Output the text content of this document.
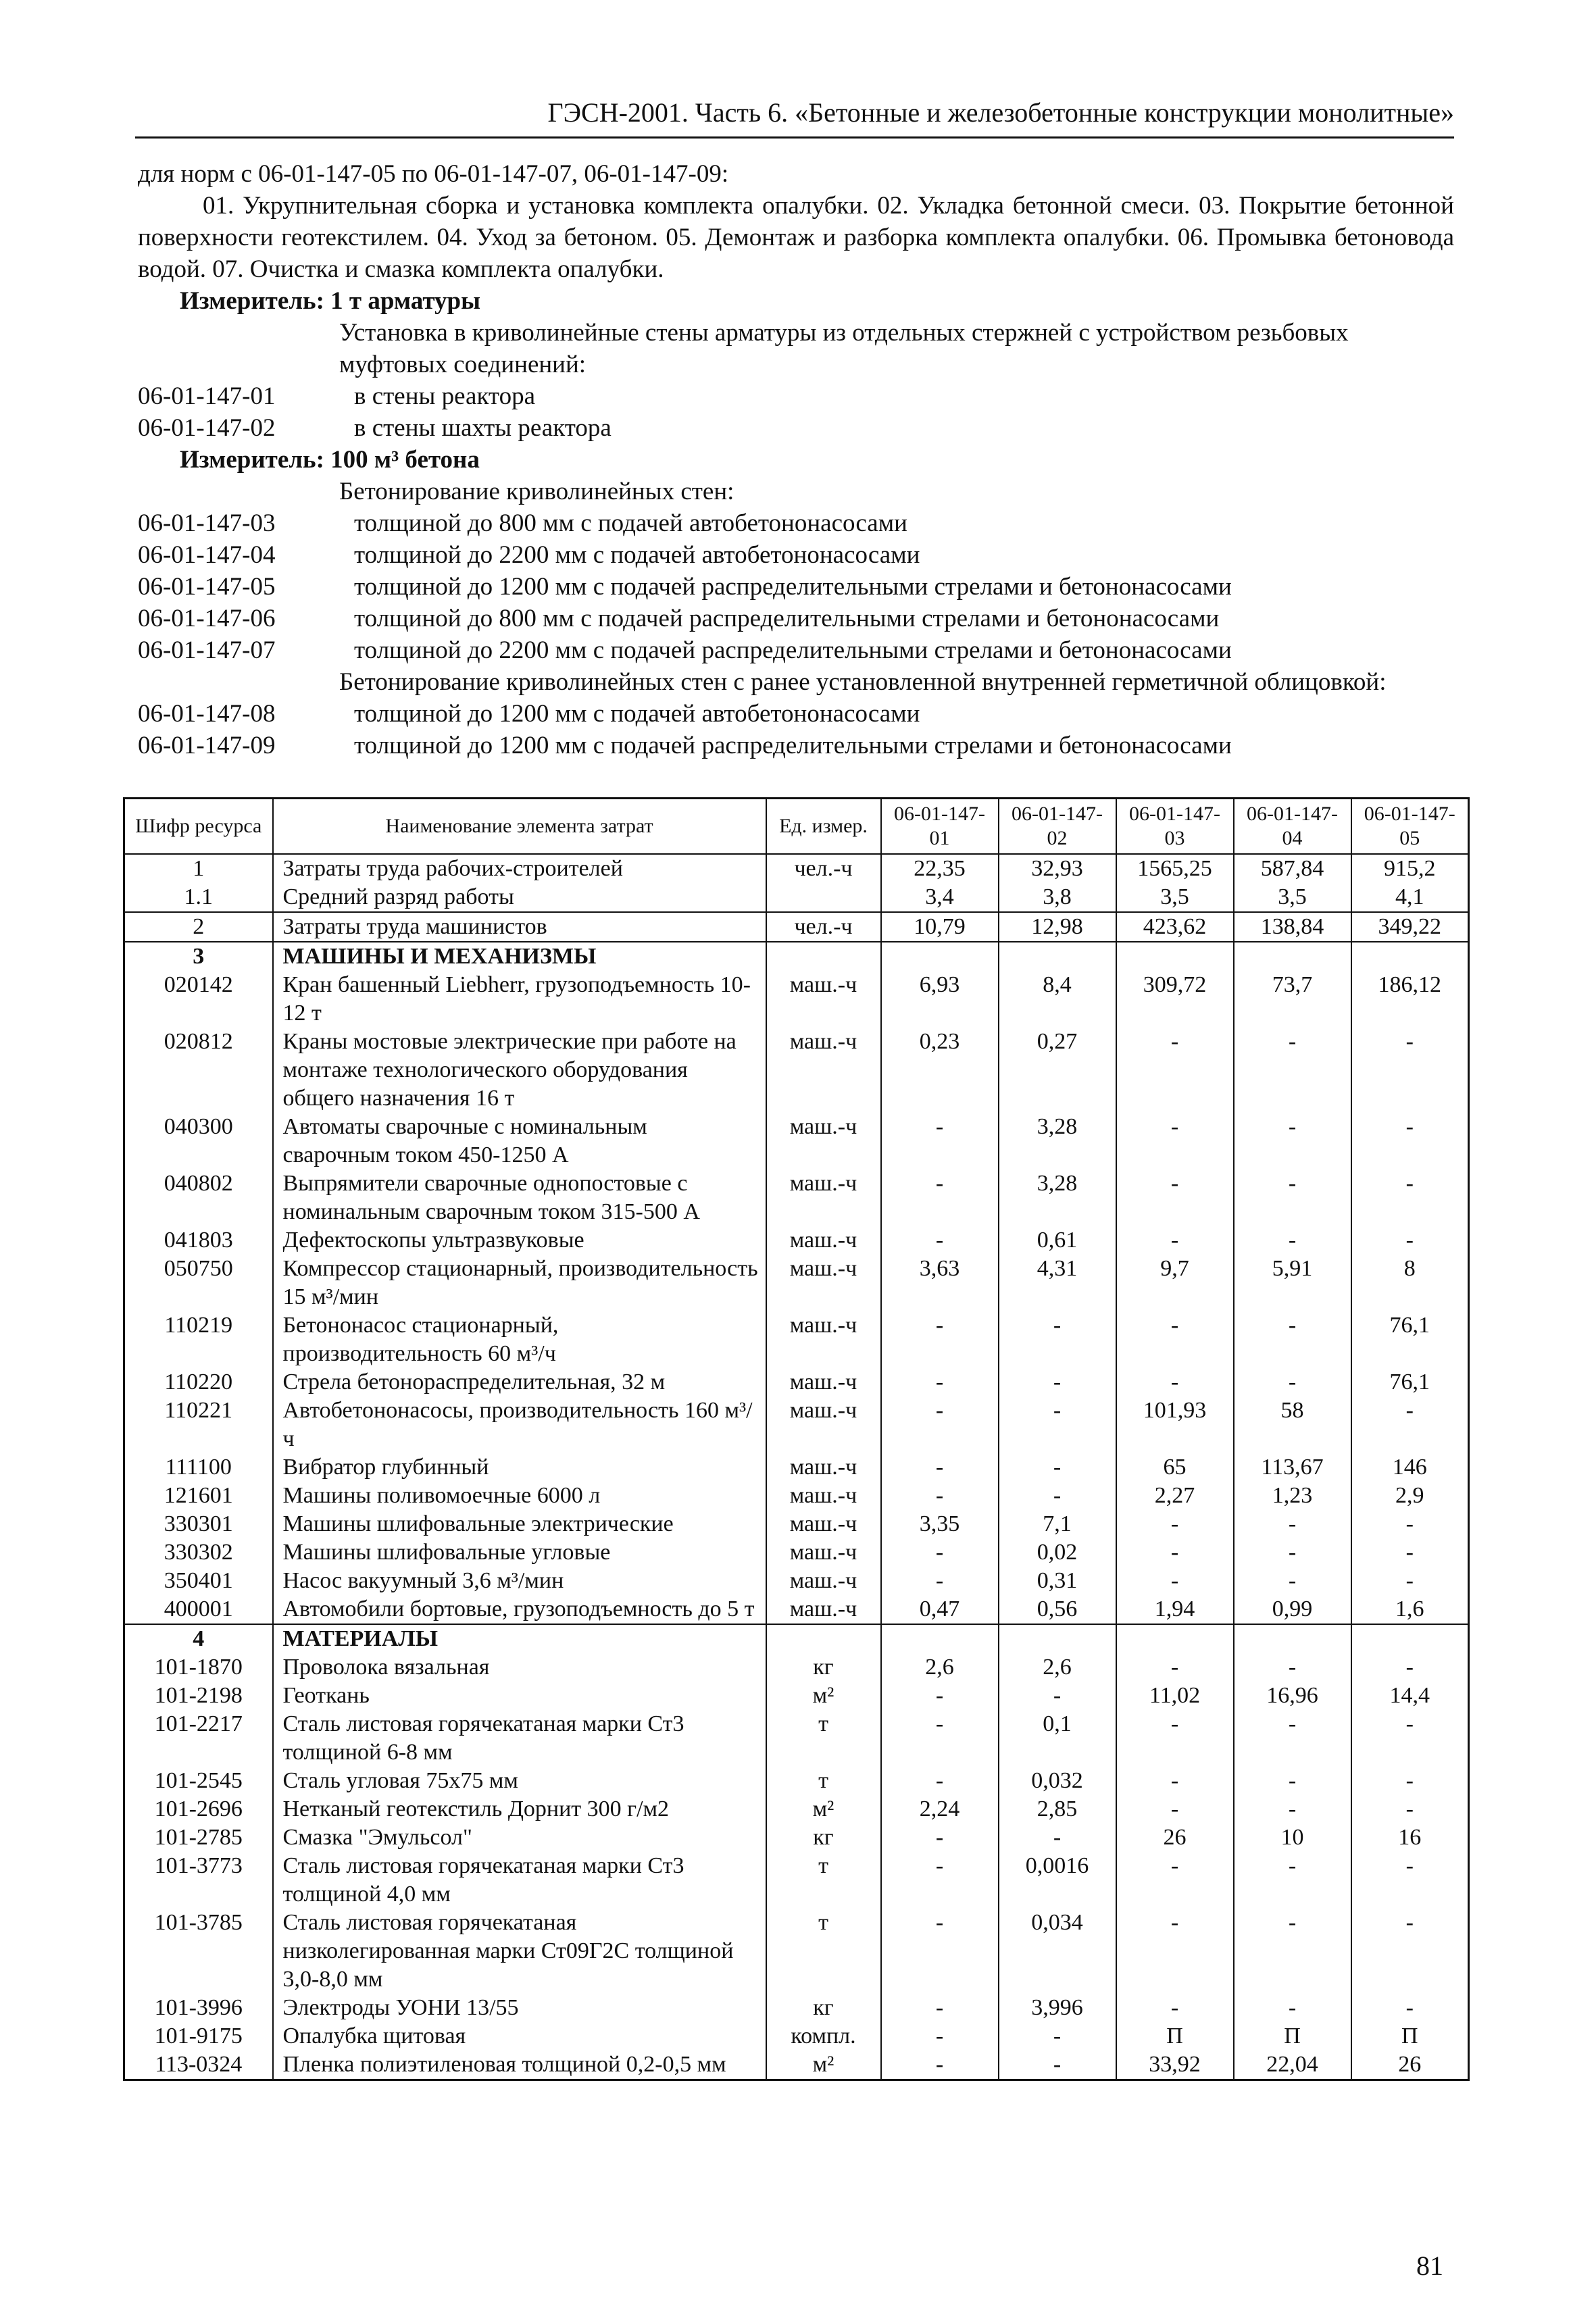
ГЭСН-2001. Часть 6. «Бетонные и железобетонные конструкции монолитные»

для норм с 06-01-147-05 по 06-01-147-07, 06-01-147-09:

01. Укрупнительная сборка и установка комплекта опалубки. 02. Укладка бетонной смеси. 03. Покрытие бетонной поверхности геотекстилем. 04. Уход за бетоном. 05. Демонтаж и разборка комплекта опалубки. 06. Промывка бетоновода водой. 07. Очистка и смазка комплекта опалубки.

Измеритель: 1 т арматуры

Установка в криволинейные стены арматуры из отдельных стержней с устройством резьбовых муфтовых соединений:

06-01-147-01	в стены реактора
06-01-147-02	в стены шахты реактора

Измеритель: 100 м³ бетона

Бетонирование криволинейных стен:

06-01-147-03	толщиной до 800 мм с подачей автобетононасосами
06-01-147-04	толщиной до 2200 мм с подачей автобетононасосами
06-01-147-05	толщиной до 1200 мм с подачей распределительными стрелами и бетононасосами
06-01-147-06	толщиной до 800 мм с подачей распределительными стрелами и бетононасосами
06-01-147-07	толщиной до 2200 мм с подачей распределительными стрелами и бетононасосами

Бетонирование криволинейных стен с ранее установленной внутренней герметичной облицовкой:

06-01-147-08	толщиной до 1200 мм с подачей автобетононасосами
06-01-147-09	толщиной до 1200 мм с подачей распределительными стрелами и бетононасосами
Шифр ресурса	Наименование элемента затрат	Ед. измер.	06-01-147-01	06-01-147-02	06-01-147-03	06-01-147-04	06-01-147-05
1	Затраты труда рабочих-строителей	чел.-ч	22,35	32,93	1565,25	587,84	915,2
1.1	Средний разряд работы		3,4	3,8	3,5	3,5	4,1
2	Затраты труда машинистов	чел.-ч	10,79	12,98	423,62	138,84	349,22
3	МАШИНЫ И МЕХАНИЗМЫ						
020142	Кран башенный Liebherr, грузоподъемность 10-12 т	маш.-ч	6,93	8,4	309,72	73,7	186,12
020812	Краны мостовые электрические при работе на монтаже технологического оборудования общего назначения 16 т	маш.-ч	0,23	0,27	-	-	-
040300	Автоматы сварочные с номинальным сварочным током 450-1250 А	маш.-ч	-	3,28	-	-	-
040802	Выпрямители сварочные однопостовые с номинальным сварочным током 315-500 А	маш.-ч	-	3,28	-	-	-
041803	Дефектоскопы ультразвуковые	маш.-ч	-	0,61	-	-	-
050750	Компрессор стационарный, производительность 15 м³/мин	маш.-ч	3,63	4,31	9,7	5,91	8
110219	Бетононасос стационарный, производительность 60 м³/ч	маш.-ч	-	-	-	-	76,1
110220	Стрела бетонораспределительная, 32 м	маш.-ч	-	-	-	-	76,1
110221	Автобетононасосы, производительность 160 м³/ч	маш.-ч	-	-	101,93	58	-
111100	Вибратор глубинный	маш.-ч	-	-	65	113,67	146
121601	Машины поливомоечные 6000 л	маш.-ч	-	-	2,27	1,23	2,9
330301	Машины шлифовальные электрические	маш.-ч	3,35	7,1	-	-	-
330302	Машины шлифовальные угловые	маш.-ч	-	0,02	-	-	-
350401	Насос вакуумный 3,6 м³/мин	маш.-ч	-	0,31	-	-	-
400001	Автомобили бортовые, грузоподъемность до 5 т	маш.-ч	0,47	0,56	1,94	0,99	1,6
4	МАТЕРИАЛЫ						
101-1870	Проволока вязальная	кг	2,6	2,6	-	-	-
101-2198	Геоткань	м²	-	-	11,02	16,96	14,4
101-2217	Сталь листовая горячекатаная марки Ст3 толщиной 6-8 мм	т	-	0,1	-	-	-
101-2545	Сталь угловая 75х75 мм	т	-	0,032	-	-	-
101-2696	Нетканый геотекстиль Дорнит 300 г/м2	м²	2,24	2,85	-	-	-
101-2785	Смазка "Эмульсол"	кг	-	-	26	10	16
101-3773	Сталь листовая горячекатаная марки Ст3 толщиной 4,0 мм	т	-	0,0016	-	-	-
101-3785	Сталь листовая горячекатаная низколегированная марки Ст09Г2С толщиной 3,0-8,0 мм	т	-	0,034	-	-	-
101-3996	Электроды УОНИ 13/55	кг	-	3,996	-	-	-
101-9175	Опалубка щитовая	компл.	-	-	П	П	П
113-0324	Пленка полиэтиленовая толщиной 0,2-0,5 мм	м²	-	-	33,92	22,04	26
81
